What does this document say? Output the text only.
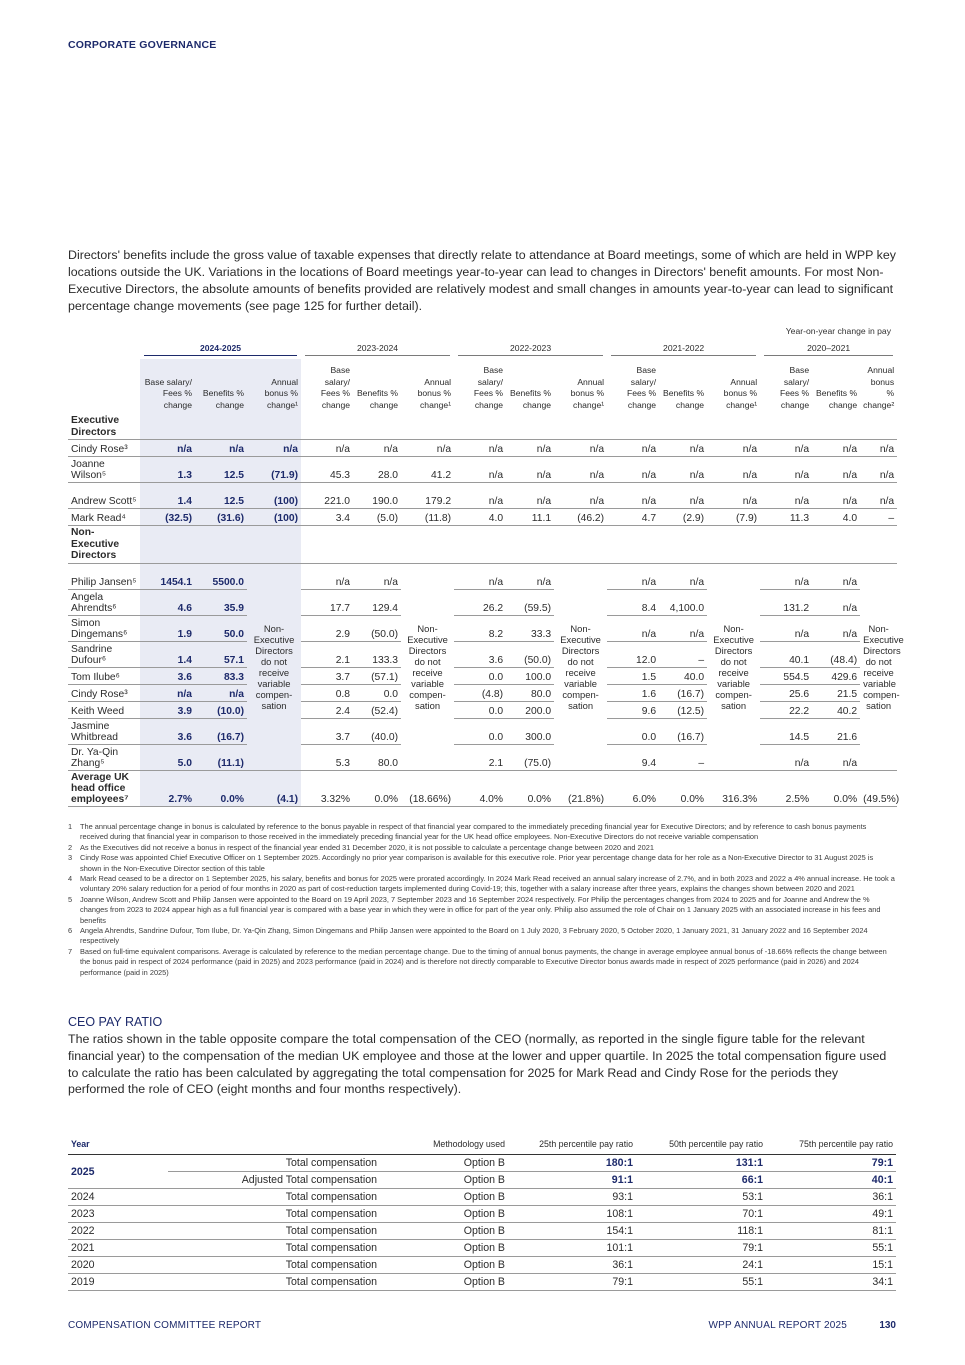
CORPORATE GOVERNANCE
Directors' benefits include the gross value of taxable expenses that directly relate to attendance at Board meetings, some of which are held in WPP key locations outside the UK. Variations in the locations of Board meetings year-to-year can lead to changes in Directors' benefit amounts. For most Non-Executive Directors, the absolute amounts of benefits provided are relatively modest and small changes in amounts year-to-year can lead to significant percentage change movements (see page 125 for further detail).
Year-on-year change in pay

	2024-2025			2023-2024			2022-2023			2021-2022			2020–2021		

	Base salary/ Fees % change	Benefits % change	Annual bonus % change¹	Base salary/ Fees % change	Benefits % change	Annual bonus % change¹	Base salary/ Fees % change	Benefits % change	Annual bonus % change¹	Base salary/ Fees % change	Benefits % change	Annual bonus % change¹	Base salary/ Fees % change	Benefits % change	Annual bonus % change²
Executive Directors															
Cindy Rose³	n/a	n/a	n/a	n/a	n/a	n/a	n/a	n/a	n/a	n/a	n/a	n/a	n/a	n/a	n/a
Joanne Wilson⁵	1.3	12.5	(71.9)	45.3	28.0	41.2	n/a	n/a	n/a	n/a	n/a	n/a	n/a	n/a	n/a
Andrew Scott⁵	1.4	12.5	(100)	221.0	190.0	179.2	n/a	n/a	n/a	n/a	n/a	n/a	n/a	n/a	n/a
Mark Read⁴	(32.5)	(31.6)	(100)	3.4	(5.0)	(11.8)	4.0	11.1	(46.2)	4.7	(2.9)	(7.9)	11.3	4.0	–
Non-Executive Directors															
Philip Jansen⁵	1454.1	5500.0	Non-Executive Directors do not receive variable compen-sation	n/a	n/a	Non-Executive Directors do not receive variable compen-sation	n/a	n/a	Non-Executive Directors do not receive variable compen-sation	n/a	n/a	Non-Executive Directors do not receive variable compen-sation	n/a	n/a	Non-Executive Directors do not receive variable compen-sation
Angela Ahrendts⁶	4.6	35.9		17.7	129.4		26.2	(59.5)		8.4	4,100.0		131.2	n/a	
Simon Dingemans⁶	1.9	50.0		2.9	(50.0)		8.2	33.3		n/a	n/a		n/a	n/a	
Sandrine Dufour⁶	1.4	57.1		2.1	133.3		3.6	(50.0)		12.0	–		40.1	(48.4)	
Tom Ilube⁶	3.6	83.3		3.7	(57.1)		0.0	100.0		1.5	40.0		554.5	429.6	
Cindy Rose³	n/a	n/a		0.8	0.0		(4.8)	80.0		1.6	(16.7)		25.6	21.5	
Keith Weed	3.9	(10.0)		2.4	(52.4)		0.0	200.0		9.6	(12.5)		22.2	40.2	
Jasmine Whitbread	3.6	(16.7)		3.7	(40.0)		0.0	300.0		0.0	(16.7)		14.5	21.6	
Dr. Ya-Qin Zhang⁵	5.0	(11.1)		5.3	80.0		2.1	(75.0)		9.4	–		n/a	n/a	
Average UK head office employees⁷	2.7%	0.0%	(4.1)	3.32%	0.0%	(18.66%)	4.0%	0.0%	(21.8%)	6.0%	0.0%	316.3%	2.5%	0.0%	(49.5%)
1	The annual percentage change in bonus is calculated by reference to the bonus payable in respect of that financial year compared to the immediately preceding financial year for Executive Directors; and by reference to cash bonus payments received during that financial year in comparison to those received in the immediately preceding financial year for the UK head office employees. Non-Executive Directors do not receive variable compensation
2	As the Executives did not receive a bonus in respect of the financial year ended 31 December 2020, it is not possible to calculate a percentage change between 2020 and 2021
3	Cindy Rose was appointed Chief Executive Officer on 1 September 2025. Accordingly no prior year comparison is available for this executive role. Prior year percentage change data for her role as a Non-Executive Director to 31 August 2025 is shown in the Non-Executive Director section of this table
4	Mark Read ceased to be a director on 1 September 2025, his salary, benefits and bonus for 2025 were prorated accordingly. In 2024 Mark Read received an annual salary increase of 2.7%, and in both 2023 and 2022 a 4% annual increase. He took a voluntary 20% salary reduction for a period of four months in 2020 as part of cost-reduction targets implemented during Covid-19; this, together with a salary increase after three years, explains the changes shown between 2020 and 2021
5	Joanne Wilson, Andrew Scott and Philip Jansen were appointed to the Board on 19 April 2023, 7 September 2023 and 16 September 2024 respectively. For Philip the percentages changes from 2024 to 2025 and for Joanne and Andrew the % changes from 2023 to 2024 appear high as a full financial year is compared with a base year in which they were in office for part of the year only. Philip also assumed the role of Chair on 1 January 2025 with an associated increase in his fees and benefits
6	Angela Ahrendts, Sandrine Dufour, Tom Ilube, Dr. Ya-Qin Zhang, Simon Dingemans and Philip Jansen were appointed to the Board on 1 July 2020, 3 February 2020, 5 October 2020, 1 January 2021, 31 January 2022 and 16 September 2024 respectively
7	Based on full-time equivalent comparisons. Average is calculated by reference to the median percentage change. Due to the timing of annual bonus payments, the change in average employee annual bonus of -18.66% reflects the change between the bonus paid in respect of 2024 performance (paid in 2025) and 2023 performance (paid in 2024) and is therefore not directly comparable to Executive Director bonus awards made in respect of 2025 performance (paid in 2026) and 2024 performance (paid in 2025)
CEO PAY RATIO
The ratios shown in the table opposite compare the total compensation of the CEO (normally, as reported in the single figure table for the relevant financial year) to the compensation of the median UK employee and those at the lower and upper quartile. In 2025 the total compensation figure used to calculate the ratio has been calculated by aggregating the total compensation for 2025 for Mark Read and Cindy Rose for the periods they performed the role of CEO (eight months and four months respectively).
Year		Methodology used	25th percentile pay ratio	50th percentile pay ratio	75th percentile pay ratio
2025	Total compensation	Option B	180:1	131:1	79:1
	Adjusted Total compensation	Option B	91:1	66:1	40:1
2024	Total compensation	Option B	93:1	53:1	36:1
2023	Total compensation	Option B	108:1	70:1	49:1
2022	Total compensation	Option B	154:1	118:1	81:1
2021	Total compensation	Option B	101:1	79:1	55:1
2020	Total compensation	Option B	36:1	24:1	15:1
2019	Total compensation	Option B	79:1	55:1	34:1
COMPENSATION COMMITTEE REPORT	WPP ANNUAL REPORT 2025	130
